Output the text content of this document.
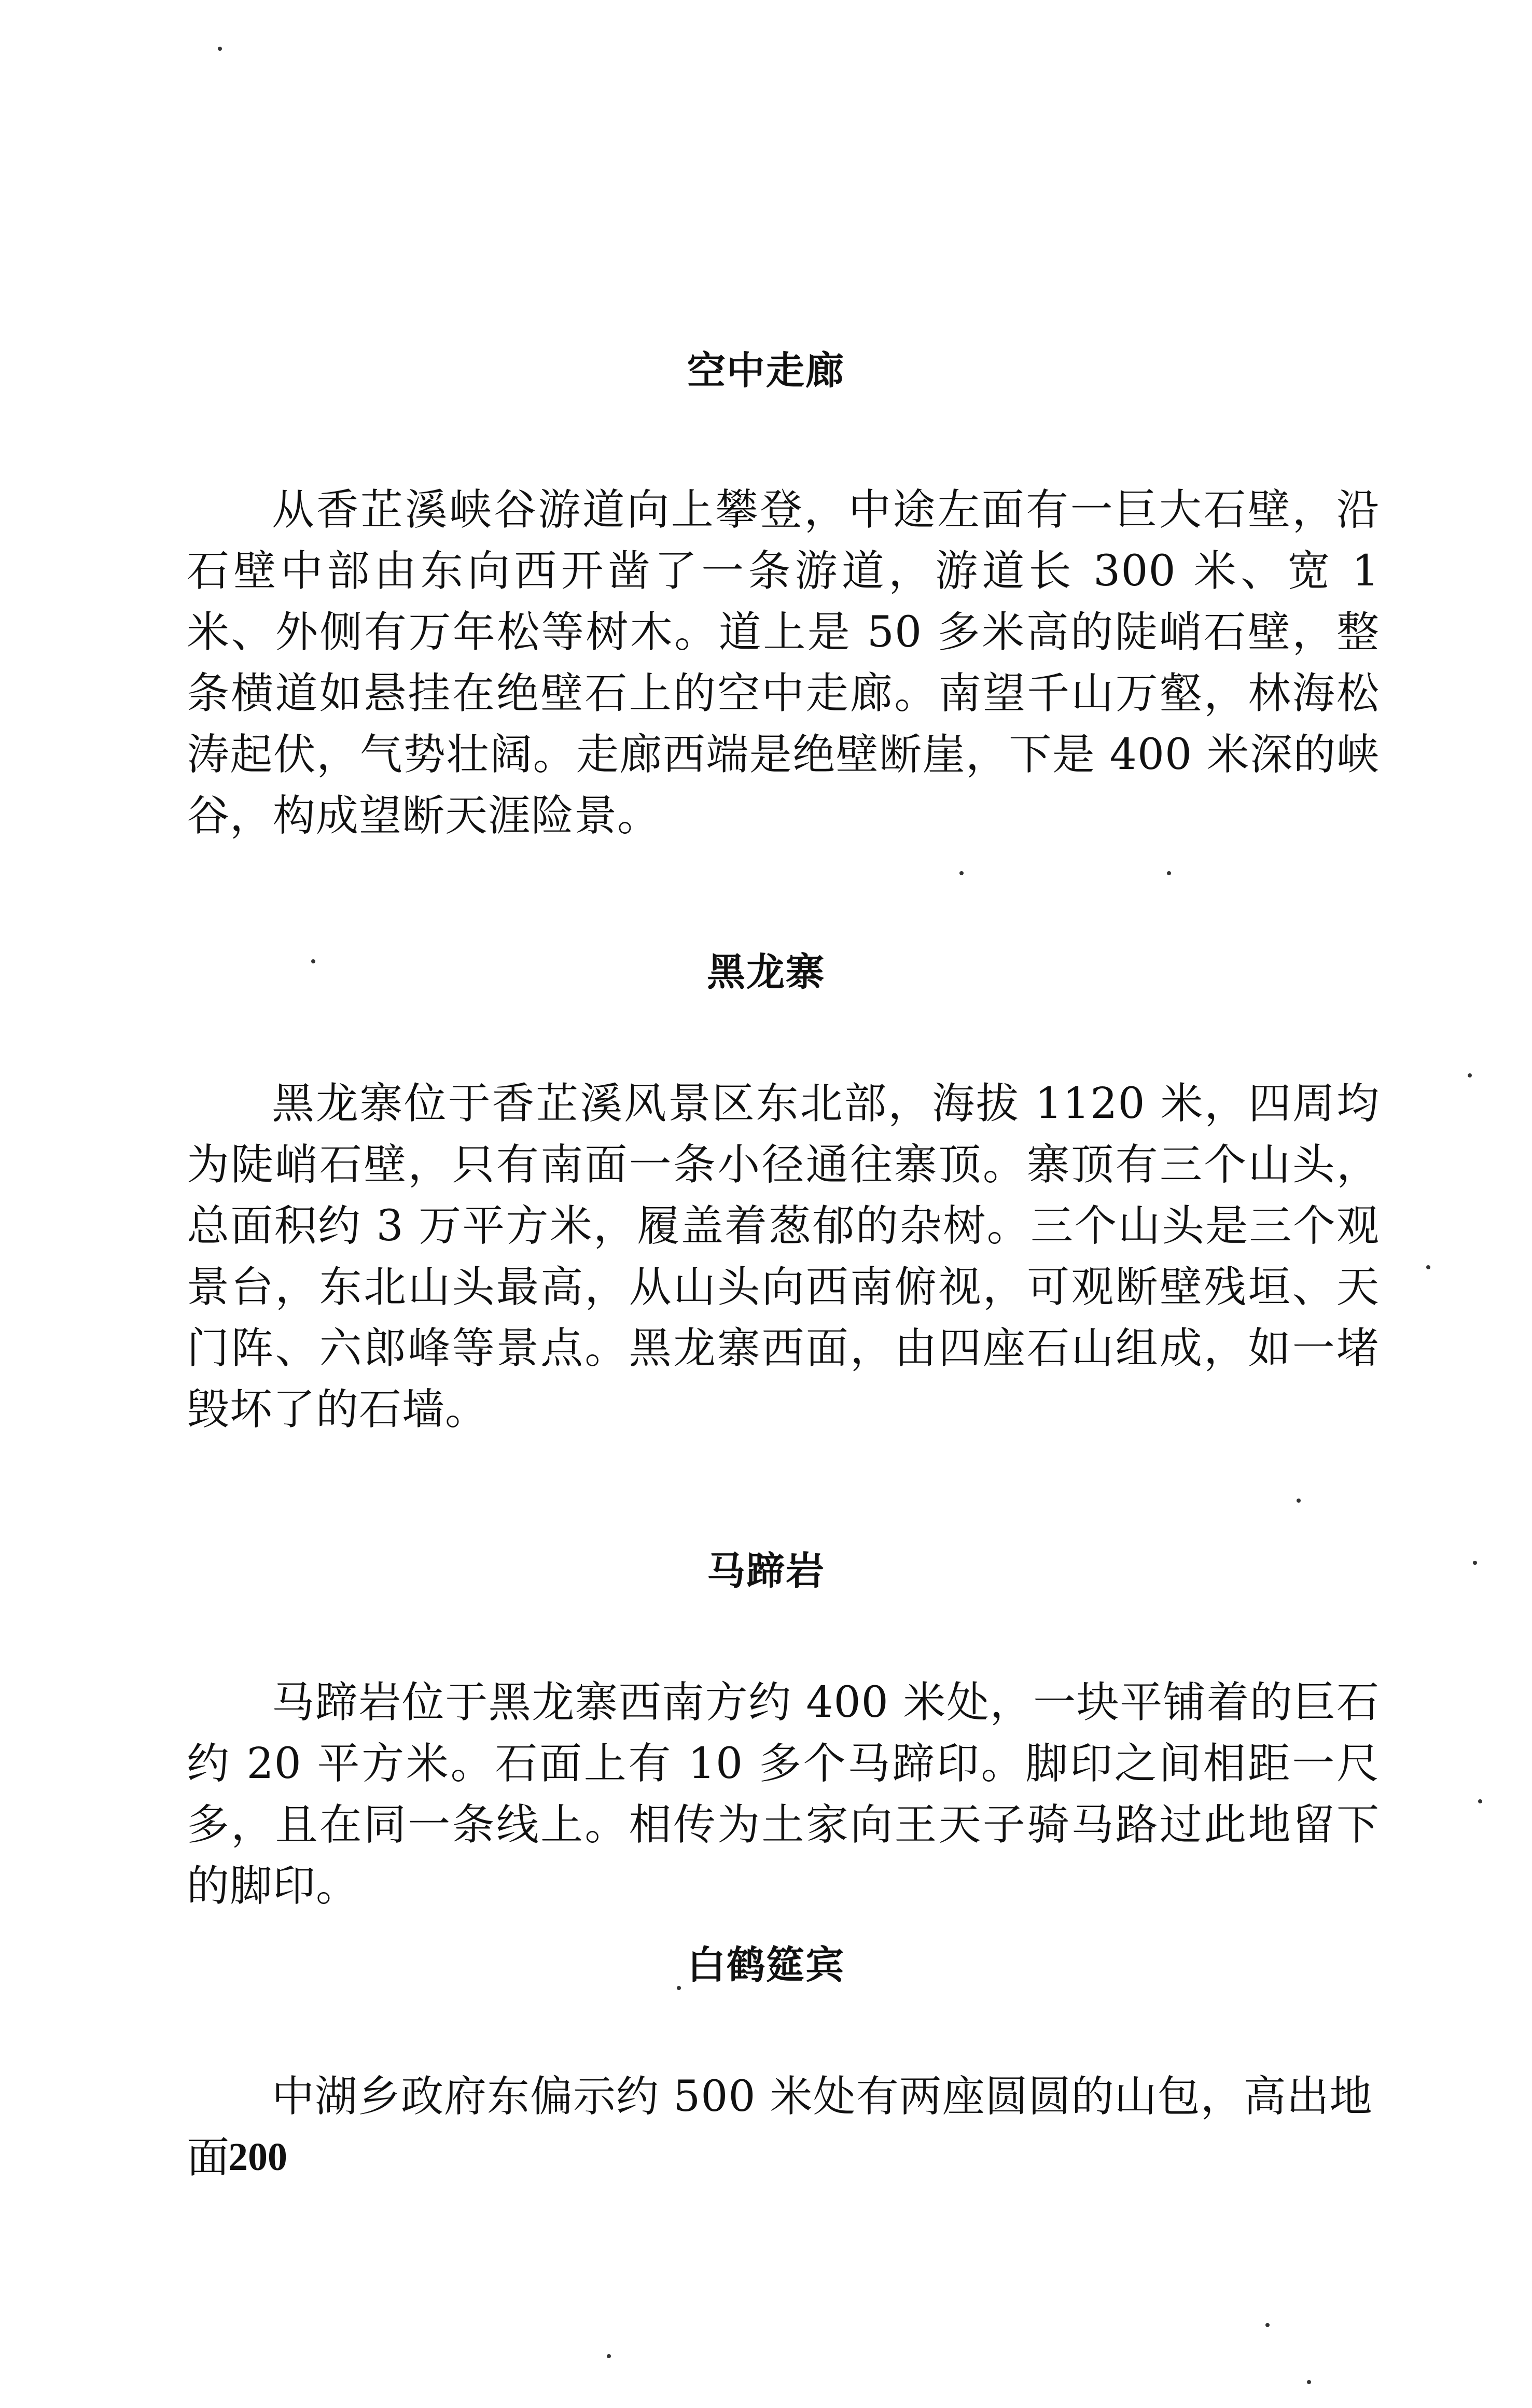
空中走廊

从香芷溪峡谷游道向上攀登，中途左面有一巨大石壁，沿石壁中部由东向西开凿了一条游道，游道长 300 米、宽 1 米、外侧有万年松等树木。道上是 50 多米高的陡峭石壁，整条横道如悬挂在绝壁石上的空中走廊。南望千山万壑，林海松涛起伏，气势壮阔。走廊西端是绝壁断崖，下是 400 米深的峡谷，构成望断天涯险景。

黑龙寨

黑龙寨位于香芷溪风景区东北部，海拔 1120 米，四周均为陡峭石壁，只有南面一条小径通往寨顶。寨顶有三个山头，总面积约 3 万平方米，履盖着葱郁的杂树。三个山头是三个观景台，东北山头最高，从山头向西南俯视，可观断壁残垣、天门阵、六郎峰等景点。黑龙寨西面，由四座石山组成，如一堵毁坏了的石墙。

马蹄岩

马蹄岩位于黑龙寨西南方约 400 米处，一块平铺着的巨石约 20 平方米。石面上有 10 多个马蹄印。脚印之间相距一尺多，且在同一条线上。相传为土家向王天子骑马路过此地留下的脚印。

白鹤筵宾

中湖乡政府东偏示约 500 米处有两座圆圆的山包，高出地面

200
